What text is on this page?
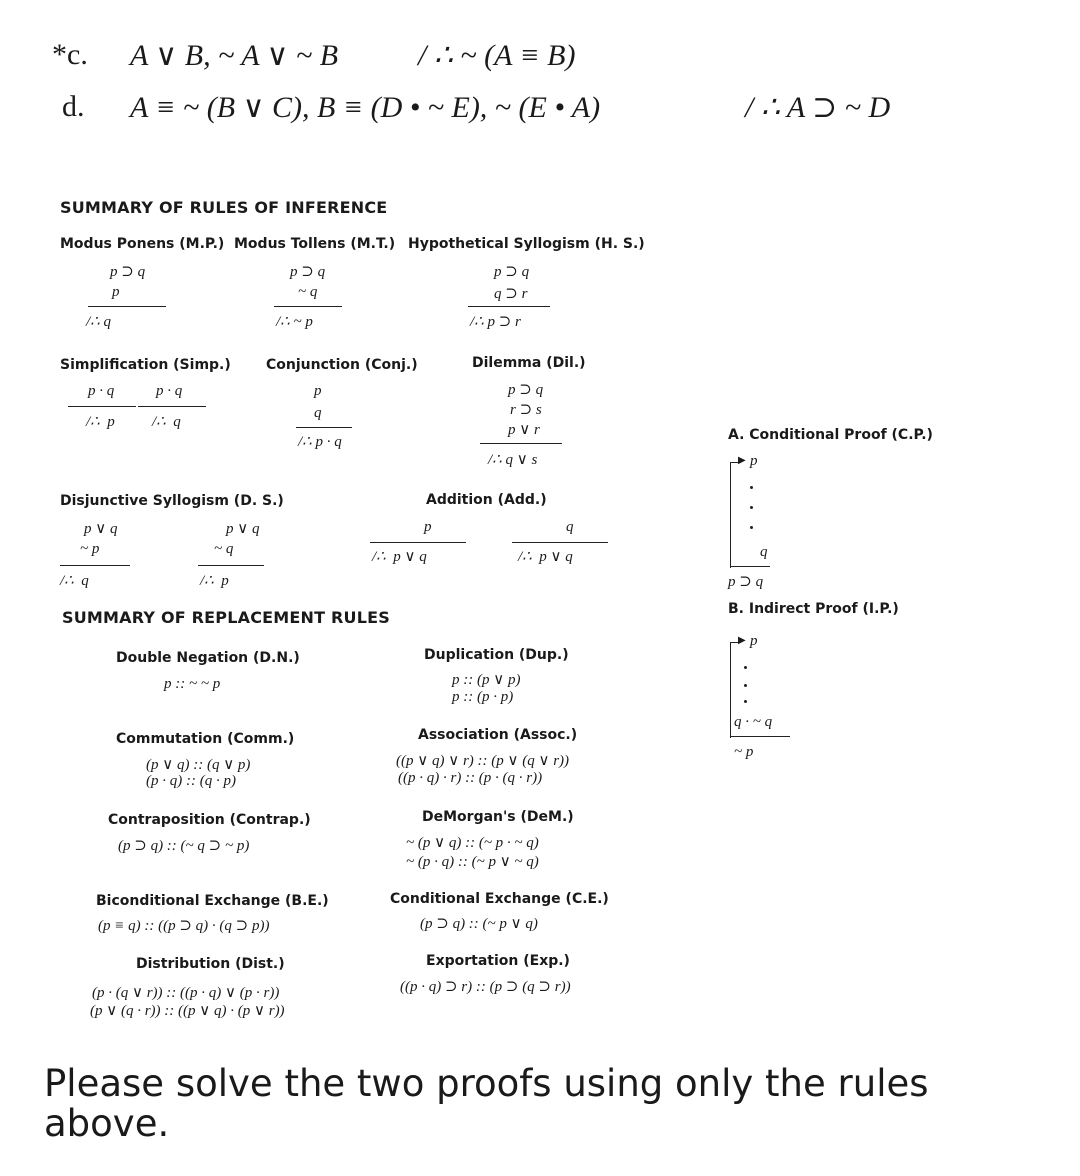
*c. A ∨ B, ~ A ∨ ~ B	/ ∴ ~ (A ≡ B)
d. A ≡ ~ (B ∨ C), B ≡ (D • ~ E), ~ (E • A)	/ ∴ A ⊃ ~ D
SUMMARY OF RULES OF INFERENCE
Modus Ponens (M.P.)
p ⊃ q
p
/∴ q
Modus Tollens (M.T.)
p ⊃ q
~ q
/∴ ~ p
Hypothetical Syllogism (H. S.)
p ⊃ q
q ⊃ r
/∴ p ⊃ r
Simplification (Simp.)
p · q
/∴  p
p · q
/∴  q
Conjunction (Conj.)
p
q
/∴ p · q
Dilemma (Dil.)
p ⊃ q
r ⊃ s
p ∨ r
/∴ q ∨ s
Disjunctive Syllogism (D. S.)
p ∨ q
~ p
/∴  q
p ∨ q
~ q
/∴  p
Addition (Add.)
p
/∴  p ∨ q
q
/∴  p ∨ q
SUMMARY OF REPLACEMENT RULES
Double Negation (D.N.)
p :: ~ ~ p
Duplication (Dup.)
p :: (p ∨ p)
p :: (p · p)
Commutation (Comm.)
(p ∨ q) :: (q ∨ p)
(p · q) :: (q · p)
Association (Assoc.)
((p ∨ q) ∨ r) :: (p ∨ (q ∨ r))
((p · q) · r) :: (p · (q · r))
Contraposition (Contrap.)
(p ⊃ q) :: (~ q ⊃ ~ p)
DeMorgan's (DeM.)
~ (p ∨ q) :: (~ p · ~ q)
~ (p · q) :: (~ p ∨ ~ q)
Biconditional Exchange (B.E.)
(p ≡ q) :: ((p ⊃ q) · (q ⊃ p))
Conditional Exchange (C.E.)
(p ⊃ q) :: (~ p ∨ q)
Distribution (Dist.)
(p · (q ∨ r)) :: ((p · q) ∨ (p · r))
(p ∨ (q · r)) :: ((p ∨ q) · (p ∨ r))
Exportation (Exp.)
((p · q) ⊃ r) :: (p ⊃ (q ⊃ r))
A. Conditional Proof (C.P.)
▶ p
q
p ⊃ q
B. Indirect Proof (I.P.)
▶ p
q · ~ q
~ p
Please solve the two proofs using only the rules above.
